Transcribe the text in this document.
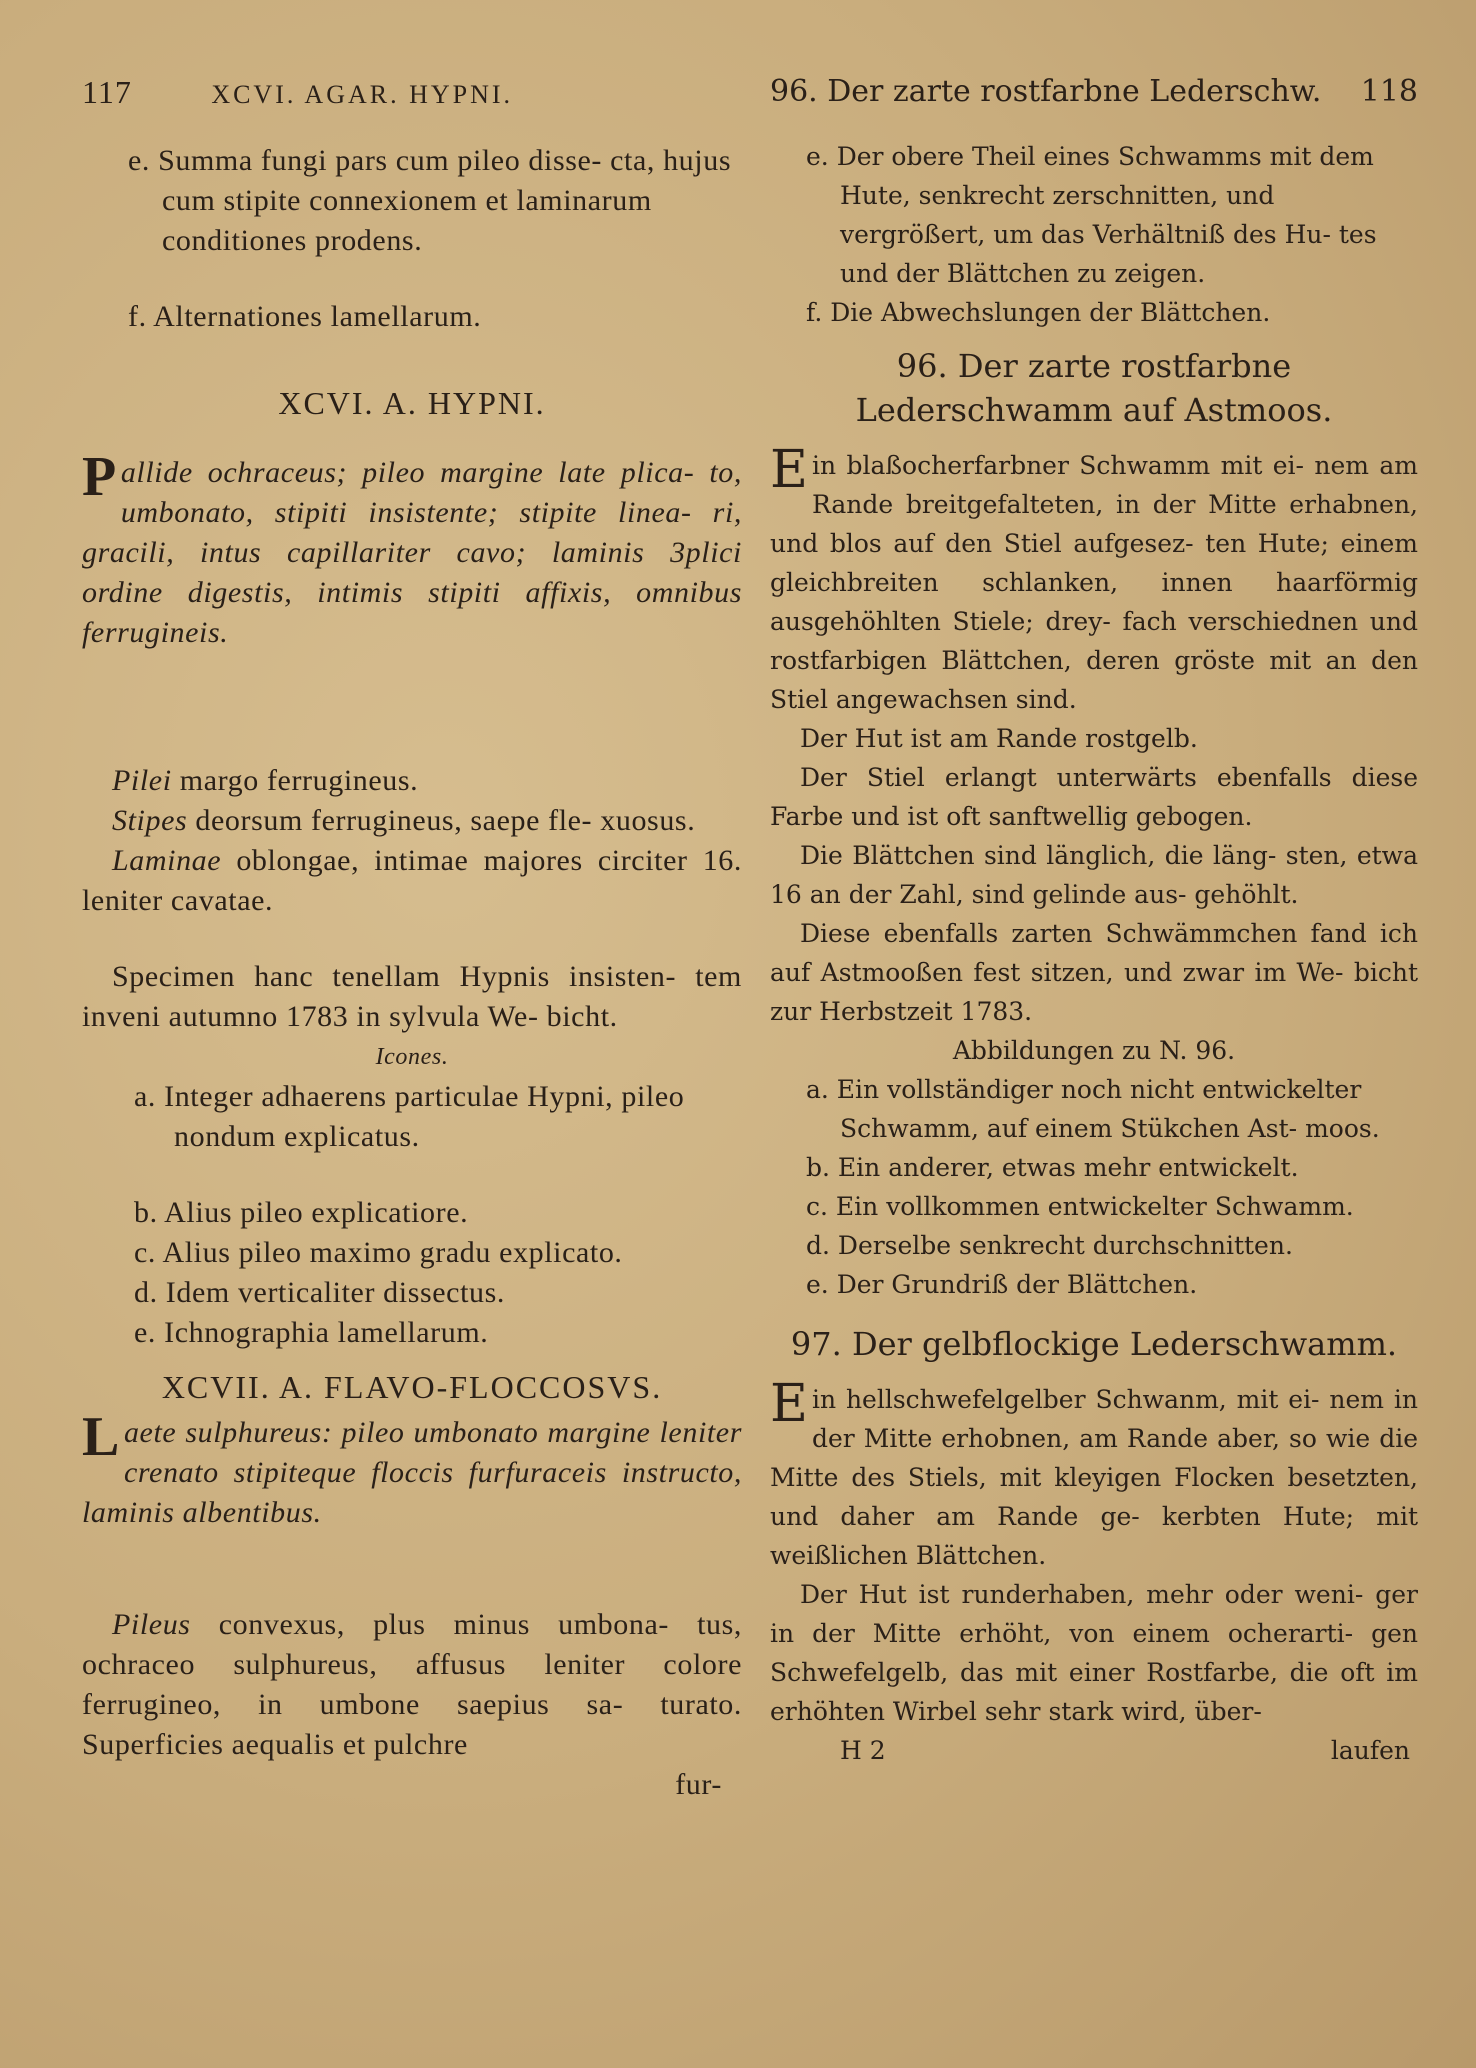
117	XCVI. AGAR. HYPNI.
e. Summa fungi pars cum pileo disse- cta, hujus cum stipite connexionem et laminarum conditiones prodens.
f. Alternationes lamellarum.
XCVI. A. HYPNI.
Pallide ochraceus; pileo margine late plica- to, umbonato, stipiti insistente; stipite linea- ri, gracili, intus capillariter cavo; laminis 3plici ordine digestis, intimis stipiti affixis, omnibus ferrugineis.
Pilei margo ferrugineus.
Stipes deorsum ferrugineus, saepe fle- xuosus.
Laminae oblongae, intimae majores circiter 16. leniter cavatae.
Specimen hanc tenellam Hypnis insisten- tem inveni autumno 1783 in sylvula We- bicht.
Icones.
a. Integer adhaerens particulae Hypni, pileo nondum explicatus.
b. Alius pileo explicatiore.
c. Alius pileo maximo gradu explicato.
d. Idem verticaliter dissectus.
e. Ichnographia lamellarum.
XCVII. A. FLAVO-FLOCCOSVS.
Laete sulphureus: pileo umbonato margine leniter crenato stipiteque floccis furfuraceis instructo, laminis albentibus.
Pileus convexus, plus minus umbona- tus, ochraceo sulphureus, affusus leniter colore ferrugineo, in umbone saepius sa- turato. Superficies aequalis et pulchre
fur-
96. Der zarte rostfarbne Lederschw. 118
e. Der obere Theil eines Schwamms mit dem Hute, senkrecht zerschnitten, und vergrößert, um das Verhältniß des Hu- tes und der Blättchen zu zeigen.
f. Die Abwechslungen der Blättchen.
96. Der zarte rostfarbne Lederschwamm auf Astmoos.
Ein blaßocherfarbner Schwamm mit ei- nem am Rande breitgefalteten, in der Mitte erhabnen, und blos auf den Stiel aufgesez- ten Hute; einem gleichbreiten schlanken, innen haarförmig ausgehöhlten Stiele; drey- fach verschiednen und rostfarbigen Blättchen, deren gröste mit an den Stiel angewachsen sind.
Der Hut ist am Rande rostgelb.
Der Stiel erlangt unterwärts ebenfalls diese Farbe und ist oft sanftwellig gebogen.
Die Blättchen sind länglich, die läng- sten, etwa 16 an der Zahl, sind gelinde aus- gehöhlt.
Diese ebenfalls zarten Schwämmchen fand ich auf Astmooßen fest sitzen, und zwar im We- bicht zur Herbstzeit 1783.
Abbildungen zu N. 96.
a. Ein vollständiger noch nicht entwickelter Schwamm, auf einem Stükchen Ast- moos.
b. Ein anderer, etwas mehr entwickelt.
c. Ein vollkommen entwickelter Schwamm.
d. Derselbe senkrecht durchschnitten.
e. Der Grundriß der Blättchen.
97. Der gelbflockige Lederschwamm.
Ein hellschwefelgelber Schwanm, mit ei- nem in der Mitte erhobnen, am Rande aber, so wie die Mitte des Stiels, mit kleyigen Flocken besetzten, und daher am Rande ge- kerbten Hute; mit weißlichen Blättchen.
Der Hut ist runderhaben, mehr oder weni- ger in der Mitte erhöht, von einem ocherarti- gen Schwefelgelb, das mit einer Rostfarbe, die oft im erhöhten Wirbel sehr stark wird, über-
H 2	laufen
